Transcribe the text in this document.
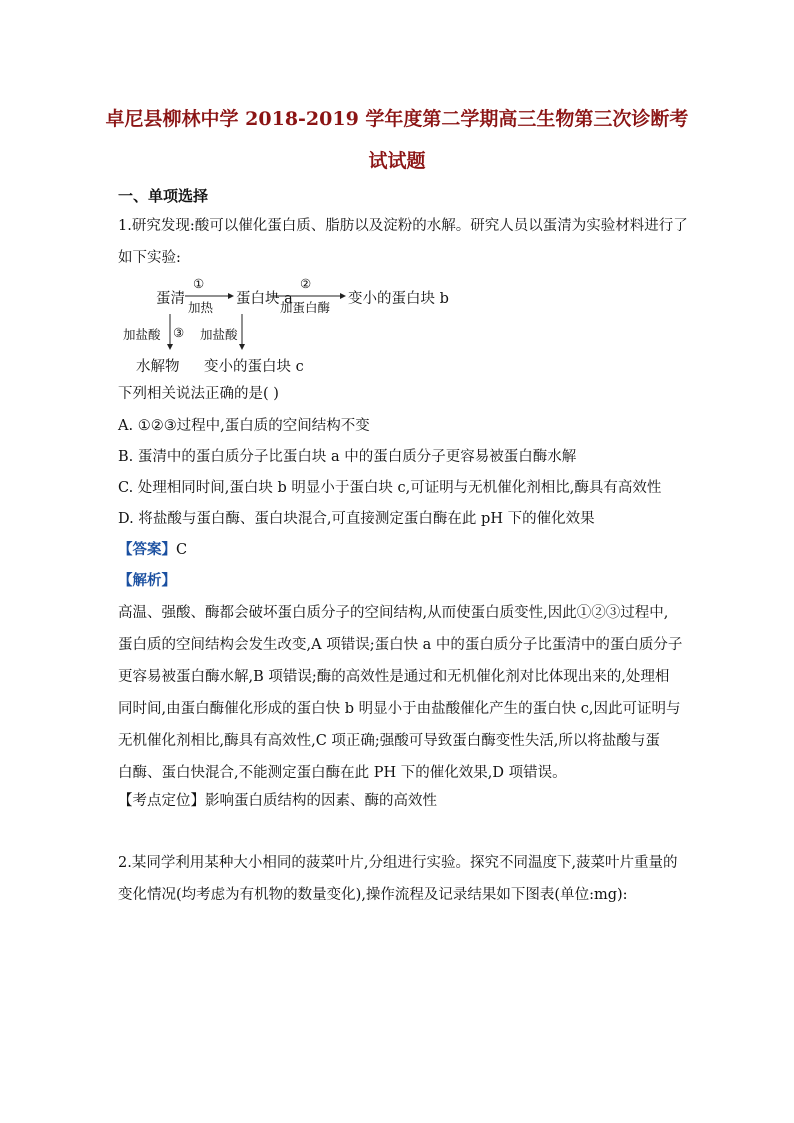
卓尼县柳林中学 2018-2019 学年度第二学期高三生物第三次诊断考
试试题
一、单项选择
1.研究发现:酸可以催化蛋白质、脂肪以及淀粉的水解。研究人员以蛋清为实验材料进行了
如下实验:
蛋清
①
加热
蛋白块 a
②
加蛋白酶
变小的蛋白块 b
加盐酸 ③ 加盐酸
水解物 变小的蛋白块 c
下列相关说法正确的是( )
A. ①②③过程中,蛋白质的空间结构不变
B. 蛋清中的蛋白质分子比蛋白块 a 中的蛋白质分子更容易被蛋白酶水解
C. 处理相同时间,蛋白块 b 明显小于蛋白块 c,可证明与无机催化剂相比,酶具有高效性
D. 将盐酸与蛋白酶、蛋白块混合,可直接测定蛋白酶在此 pH 下的催化效果
【答案】C
【解析】
高温、强酸、酶都会破坏蛋白质分子的空间结构,从而使蛋白质变性,因此①②③过程中,
蛋白质的空间结构会发生改变,A 项错误;蛋白快 a 中的蛋白质分子比蛋清中的蛋白质分子
更容易被蛋白酶水解,B 项错误;酶的高效性是通过和无机催化剂对比体现出来的,处理相
同时间,由蛋白酶催化形成的蛋白快 b 明显小于由盐酸催化产生的蛋白快 c,因此可证明与
无机催化剂相比,酶具有高效性,C 项正确;强酸可导致蛋白酶变性失活,所以将盐酸与蛋
白酶、蛋白快混合,不能测定蛋白酶在此 PH 下的催化效果,D 项错误。
【考点定位】影响蛋白质结构的因素、酶的高效性
2.某同学利用某种大小相同的菠菜叶片,分组进行实验。探究不同温度下,菠菜叶片重量的
变化情况(均考虑为有机物的数量变化),操作流程及记录结果如下图表(单位:mg):
